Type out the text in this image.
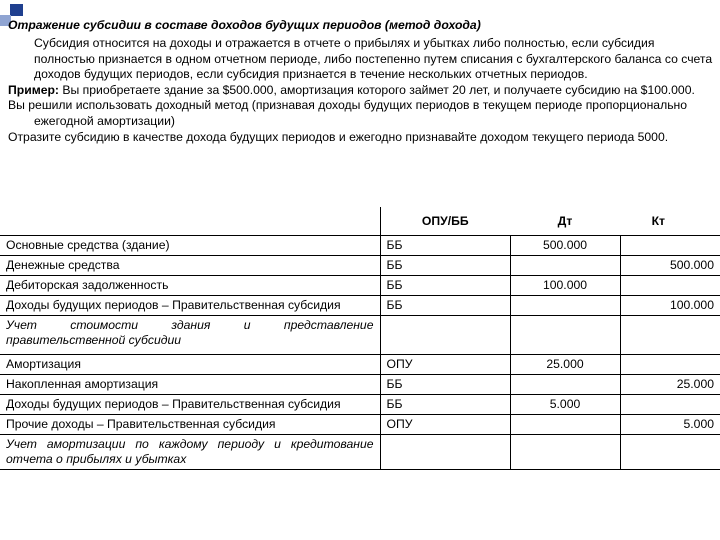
Отражение субсидии в составе доходов будущих периодов (метод дохода)

Субсидия относится на доходы и отражается в отчете о прибылях и убытках либо полностью, если субсидия полностью признается в одном отчетном периоде, либо постепенно путем списания с бухгалтерского баланса со счета доходов будущих периодов, если субсидия признается в течение нескольких отчетных периодов.

Пример: Вы приобретаете здание за $500.000, амортизация которого займет 20 лет, и получаете субсидию на $100.000.

Вы решили использовать доходный метод (признавая доходы будущих периодов в текущем периоде пропорционально ежегодной амортизации)

Отразите субсидию в качестве дохода будущих периодов и ежегодно признавайте доходом текущего периода 5000.

	ОПУ/ББ	Дт	Кт
Основные средства (здание)	ББ	500.000	
Денежные средства	ББ		500.000
Дебиторская задолженность	ББ	100.000	
Доходы будущих периодов – Правительственная субсидия	ББ		100.000
Учет стоимости здания и представление правительственной субсидии			
Амортизация	ОПУ	25.000	
Накопленная амортизация	ББ		25.000
Доходы будущих периодов – Правительственная субсидия	ББ	5.000	
Прочие доходы – Правительственная субсидия	ОПУ		5.000
Учет амортизации по каждому периоду и кредитование отчета о прибылях и убытках			
